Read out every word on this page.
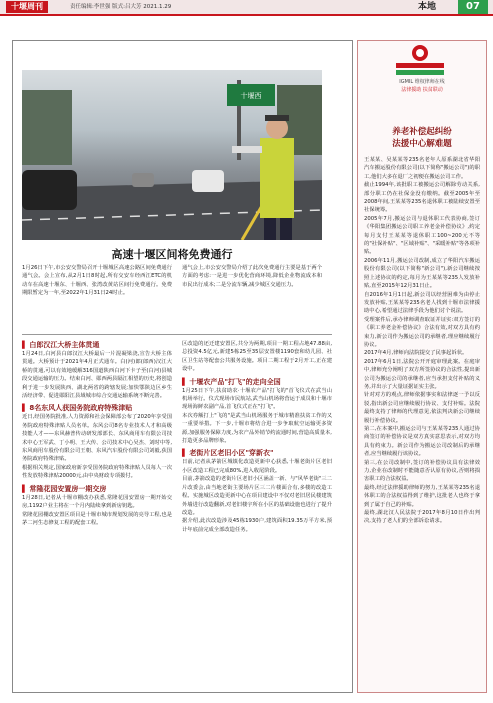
十堰周刊	责任编辑:李世强 版式:吕大芳 2021.1.29	本地	07
十堰西
高速十堰区间将免费通行
1月26日下午,市公安交警局召开十堰城区高速公路区间免费通行通气会。会上宣布,从2月1日8时起,所有交安车经西江ETC的机动车在高速十堰东、十堰西、张湾改黄站区间行免费通行。免费期限暂定为一年,至2022年1月31日24时止。
通气会上,市公安交警局介绍了此次免费通行主要是基于两个方面的考虑:一是进一步优化营商环境,降低企业物流成本和市民出行成本;二是分流车辆,减少城区交通压力。
▌ 白郎汉江大桥主体贯通
1月24日,白河县白郎汉江大桥最后一片混凝梁浇,宣告大桥主体贯通。大桥预计于2021年4月正式通车。白(河)郎(郎西)汉江大桥的贯通,可以有效地缓解316国道陕西白河下卡子至(白河)县城段交通运输的压力。结束白河、郧西两县隔江相望的历史,将创造利于进一步发展陕西、湖北两省的跨辖发展;加快鄂陕边区乡生活经济带、促进郧阳江县域城市综合交通运输系统不断完善。
▌ 8名东风人获国务院政府特殊津贴
近日,经国务院批准,人力资源和社会保障部公布了2020年享受国务院政府特殊津贴人员名单。东风公司8名专业技术人才和高级技能人才——东风赫普传动研发部部长、东风商用车有限公司技术中心王军武、丁小明、王大传、公司技术中心吴杰、刘时中等,东风商用车股份有限公司王朝、东风汽车股份有限公司刘毅,获国务院政府特殊津贴。
根据相关规定,国家政府新享受国务院政府特殊津贴人员每人一次性发放特殊津贴20000元,由中央财政专项拨付。
▌ 常隆花园安置房一期交房
1月28日,记者从十堰市棚改办获悉,常隆花园安置房一期开始交房,1192户业主将在一个月内陆续拿到新房钥匙。
常隆花园棚改安置区项目是十堰市城市规划发展的亮导工程,也是茅二河生态修复工程的配套工程。
区改造的还迁建安置区,共分为两期,项目一期工程占地47.88亩,总投资4.5亿元,新建5栋25至35层安置楼1190套和幼儿园、社区卫生站等配套公共服务设施。项目二期工程于2月开工,正在建设中。
▌ 十堰农产品"打飞"的走向全国
1月25日下午,扶贫助农·十堰农产品"打飞的"首飞仪式在武当山机场举行。仪式现场市民航站,武当山机场将营运于成员和十堰市现场海鲜农副产品,首飞仪式正在"打飞"。
本次券额打上"飞的"是武当山机场服务于城市精准扶贫工作的又一重要举措。下一步,十堰市将结合进一步争取航空运输更多资源,加强服务保障力度,为农产品外销节约流通时间,营造高质量本,打造更多品牌形象。
▌ 老街片区老旧小区"穿新衣"
日前,记者从茅箭区城镇化改造更新中心获悉,十堰老街片区老旧小区改造工程已完成80%,进入收尾阶段。
目前,茅箭改造的老街片区老旧小区涵盖一新、与"风华老街"三二片改委会,由当地老街主要场片区三二片楼面合有,多楼的改造工程。实施城区改造更新中心在项目建设中不仅对老旧居民楼建筑外墙进行改造翻新,对老旧楼宇所在小区的基础设施也进行了提升改造。
据介绍,此次改造涉及45栋1930户,建筑面积19.35万平方米,预计年底前完成全部改造任务。
IGMIL 维权律师在线
法律援助 扶贫联动
养老补偿起纠纷
法援中心解难题
王某某、吴某某等235名老年人原系湖北省华阳汽车搬运股份有限公司(以下简称"搬运公司")的职工,他们大多在退厂之初便在搬运公司工作。
截止1994年,该批职工被搬运公司解除劳动关系,部分职工仍在社保金没有缴纳。截至2005年至2008年间,王某某等235名退休职工被陆续安置至社保统筹。
2005年7月,搬运公司与退休职工代表协商,签订《华阳集团搬运公司职工养老金补偿协议》,约定每月支付王某某等退休职工100~200元不等的"社保补贴"、"区域补贴"、"采暖补贴"等各项补贴。
2006年11月,搬运公司改制,成立了华阳汽车搬运股份有限公司(以下简称"新公司"),新公司继续按照上述协议的约定,每月为王某某等235人发放补贴,直至2015年12月31日止。
自2016年1月1日起,新公司以经营困难为由停止发放补贴,王某某等235名老人找到十堰市法律援助中心,希望通过法律手段为他们讨个说法。
受理案件后,承办律师调查取证并证实:双方签订的《职工养老金补偿协议》合法有效,对双方具有约束力,新公司作为搬运公司的承继者,理应继续履行协议。
2017年4月,律师向法院提交了民事起诉状。
2017年6月1日,法院公开开庭审理此案。在庭审中,律师充分阐明了双方所签协议的合法性,提出新公司为搬运公司的承继者,应当承担支付补贴的义务,并出示了大量证据证实主张。
针对对方的观点,律师依据事实和法律逐一予以反驳,指出新公司应继续履行协议、支付补贴。法院最终支持了律师的代理意见,依法判决新公司继续履行补偿协议。
第二,在本案中,搬运公司与王某某等235人通过协商签订的补偿协议是双方真实意思表示,对双方均具有约束力。新公司作为搬运公司改制后的承继者,应当继续履行该协议。
第三,在公司改制中,签订的补偿协议具有法律效力,企业在改制时不能随意否认原有协议,否则将损害职工的合法权益。
最终,经过法律援助律师的努力,王某某等235名退休职工的合法权益得到了维护,这批老人也终于拿到了属于自己的补贴。
最终,湖北汉人民法院于2017年8月10日作出判决,支持了老人们的全部诉讼请求。
